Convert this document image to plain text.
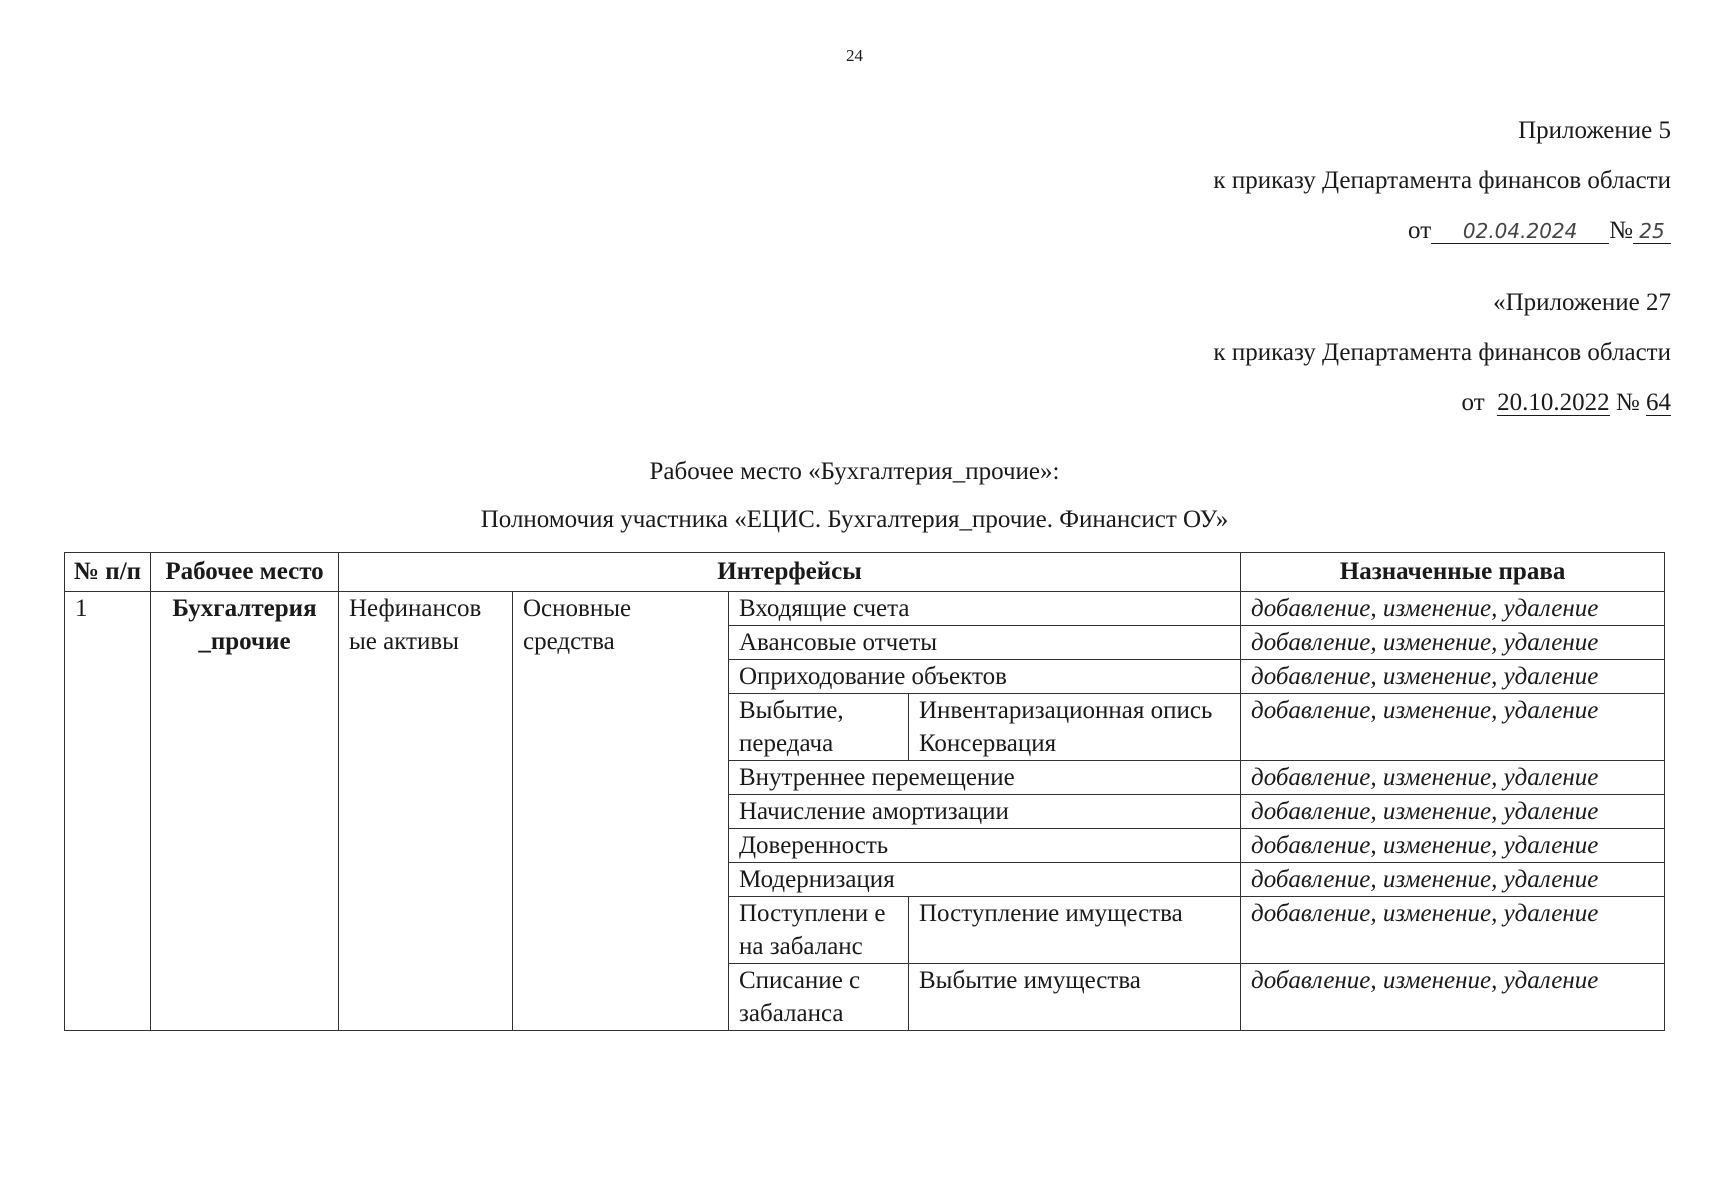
24
Приложение 5
к приказу Департамента финансов области
от 02.04.2024 № 25
«Приложение 27
к приказу Департамента финансов области
от 20.10.2022 № 64
Рабочее место «Бухгалтерия_прочие»:
Полномочия участника «ЕЦИС. Бухгалтерия_прочие. Финансист ОУ»
№ п/п	Рабочее место	Интерфейсы				Назначенные права
1	Бухгалтерия _прочие	Нефинансов ые активы	Основные средства	Входящие счета		добавление, изменение, удаление
				Авансовые отчеты		добавление, изменение, удаление
				Оприходование объектов		добавление, изменение, удаление
				Выбытие, передача	Инвентаризационная опись Консервация	добавление, изменение, удаление
				Внутреннее перемещение		добавление, изменение, удаление
				Начисление амортизации		добавление, изменение, удаление
				Доверенность		добавление, изменение, удаление
				Модернизация		добавление, изменение, удаление
				Поступлени е на забаланс	Поступление имущества	добавление, изменение, удаление
				Списание с забаланса	Выбытие имущества	добавление, изменение, удаление
